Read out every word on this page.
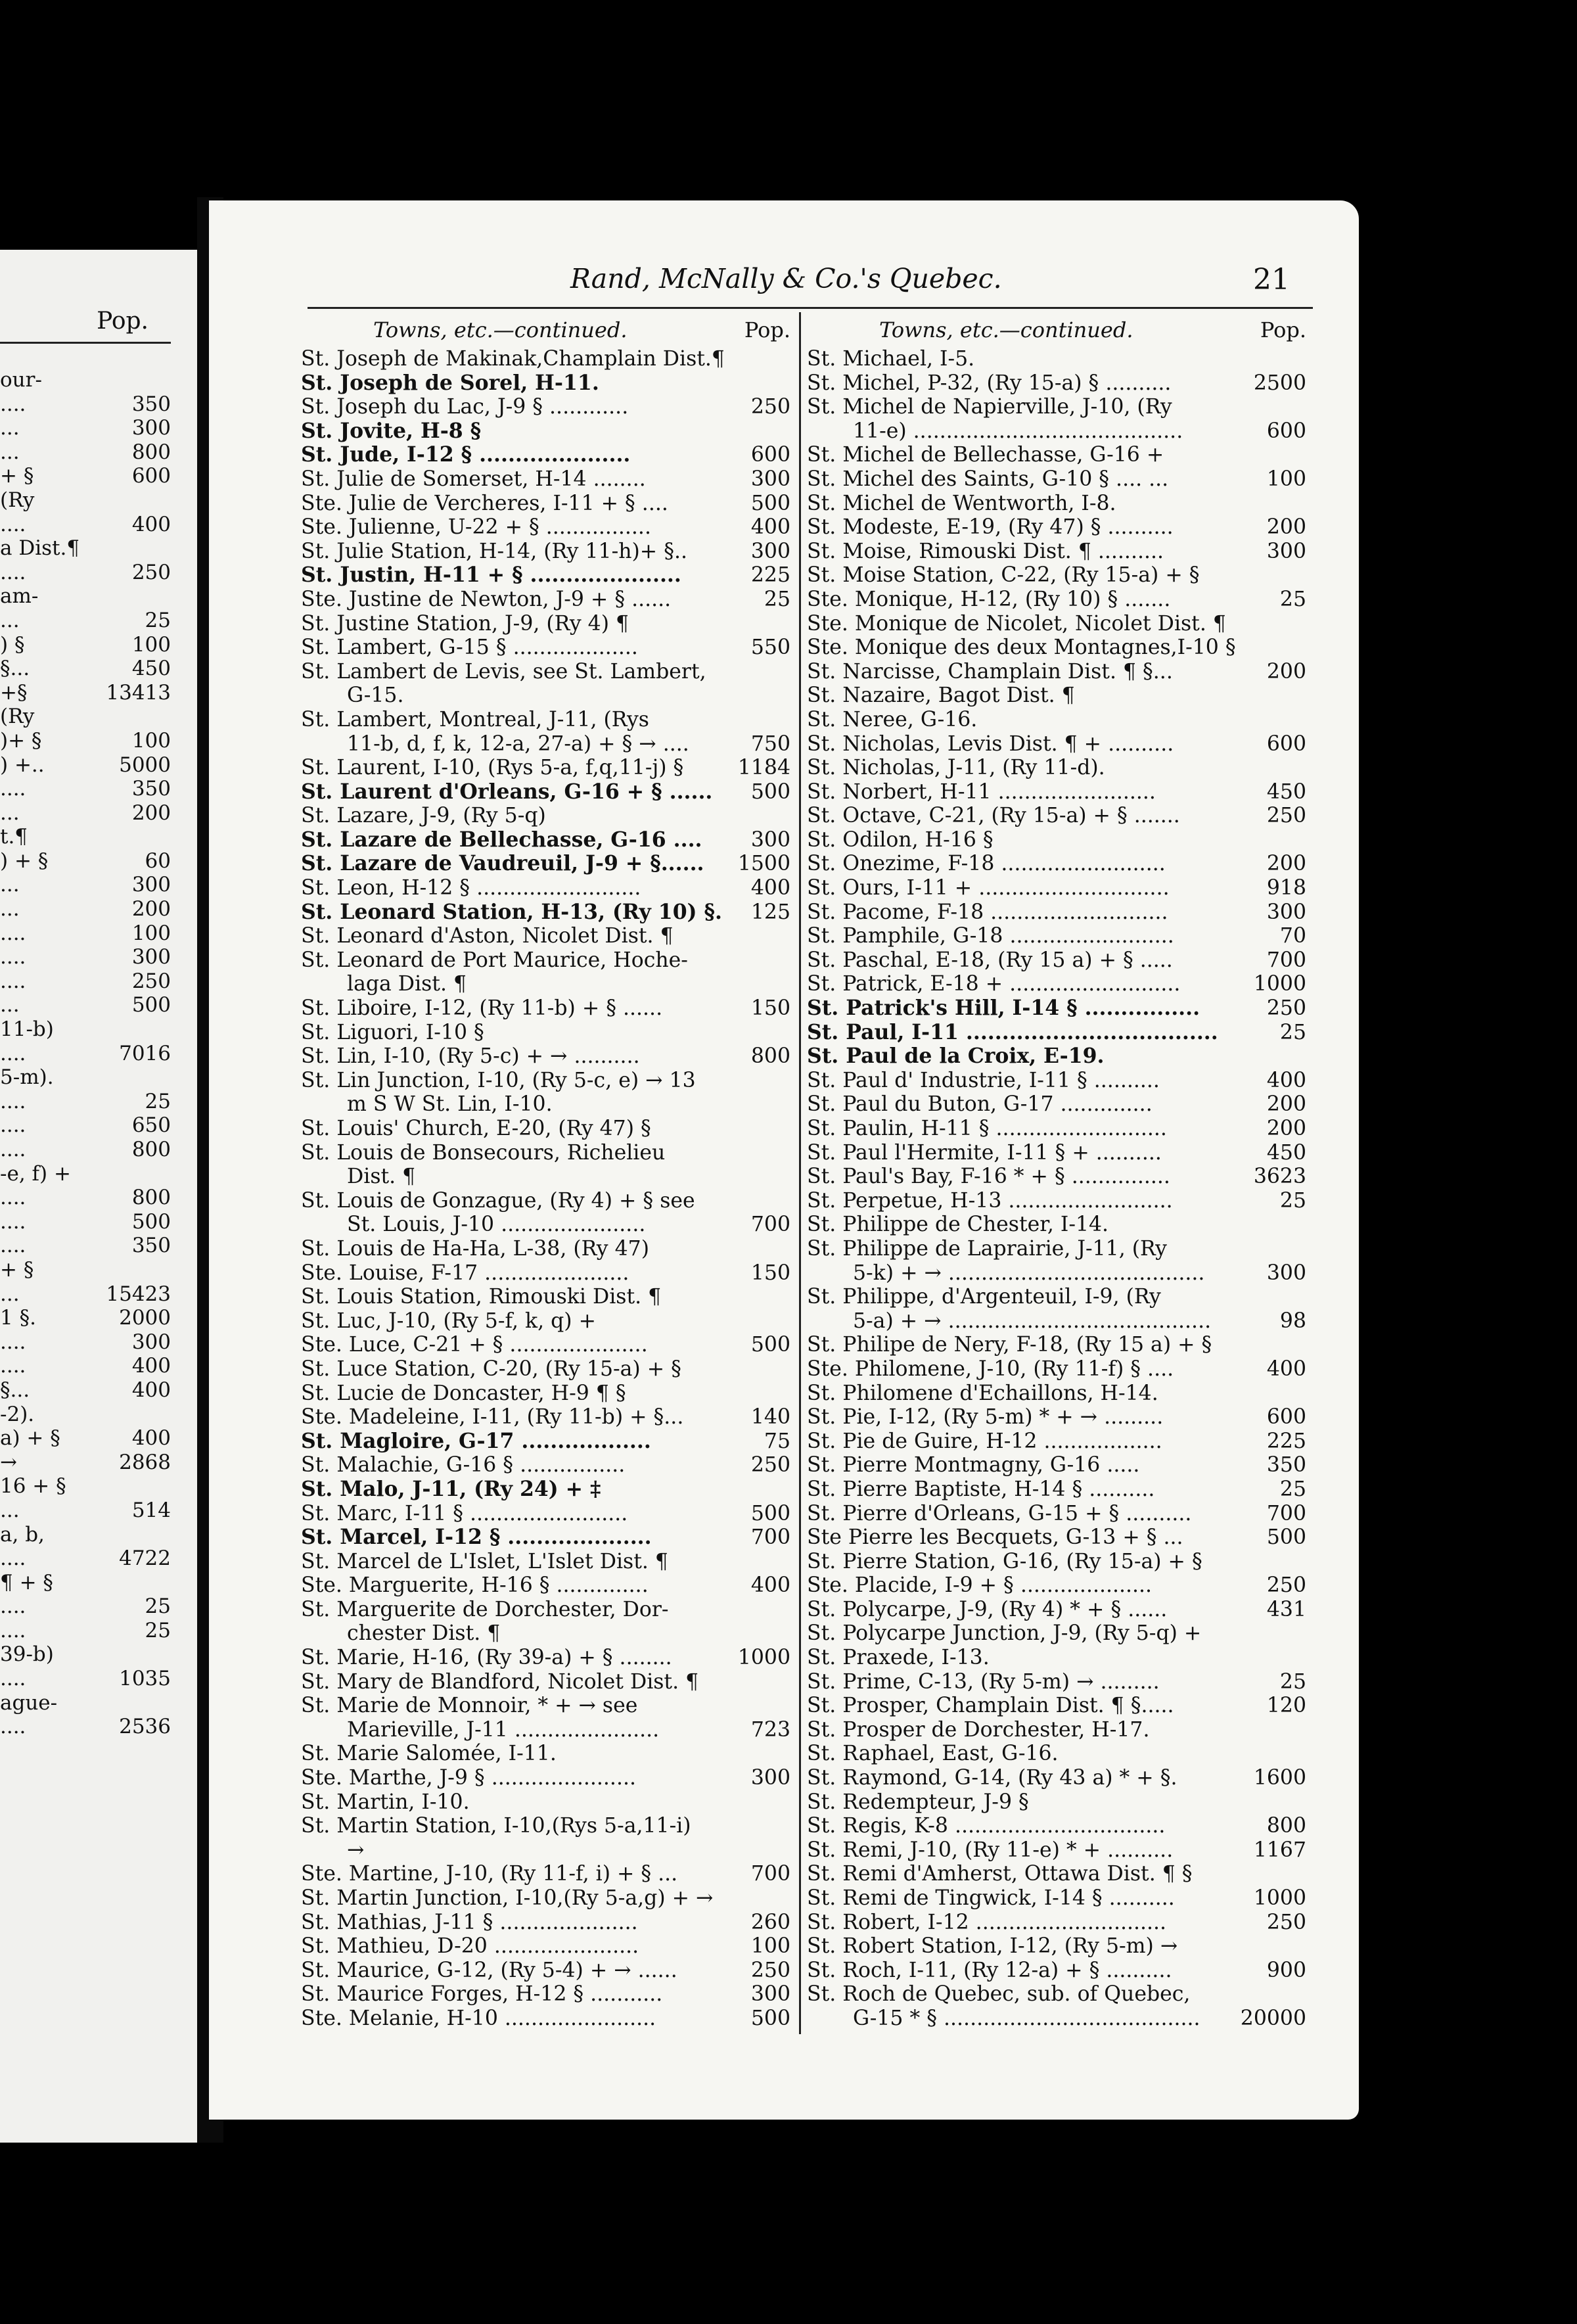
Pop.
our-
....	350
...	300
...	800
+ §	600
(Ry
....	400
a Dist.¶
....	250
am-
...	25
) §	100
§...	450
+§	13413
(Ry
)+ §	100
) +..	5000
....	350
...	200
t.¶
) + §	60
...	300
...	200
....	100
....	300
....	250
...	500
11-b)
....	7016
5-m).
....	25
....	650
....	800
-e, f) +
....	800
....	500
....	350
+ §
...	15423
1 §.	2000
....	300
....	400
§...	400
-2).
a) + §	400
→	2868
16 + §
...	514
a, b,
....	4722
¶ + §
....	25
....	25
39-b)
....	1035
ague-
....	2536
Rand, McNally & Co.'s Quebec.	21
Towns, etc.—continued.	Pop.
St. Joseph de Makinak,Champlain Dist.¶
St. Joseph de Sorel, H-11.
St. Joseph du Lac, J-9 § ............	250
St. Jovite, H-8 §
St. Jude, I-12 § .....................	600
St. Julie de Somerset, H-14 ........	300
Ste. Julie de Vercheres, I-11 + § ....	500
Ste. Julienne, U-22 + § ................	400
St. Julie Station, H-14, (Ry 11-h)+ §..	300
St. Justin, H-11 + § .....................	225
Ste. Justine de Newton, J-9 + § ......	25
St. Justine Station, J-9, (Ry 4) ¶
St. Lambert, G-15 § ...................	550
St. Lambert de Levis, see St. Lambert,
G-15.
St. Lambert, Montreal, J-11, (Rys
11-b, d, f, k, 12-a, 27-a) + § → ....	750
St. Laurent, I-10, (Rys 5-a, f,q,11-j) §	1184
St. Laurent d'Orleans, G-16 + § ......	500
St. Lazare, J-9, (Ry 5-q)
St. Lazare de Bellechasse, G-16 ....	300
St. Lazare de Vaudreuil, J-9 + §......	1500
St. Leon, H-12 § .........................	400
St. Leonard Station, H-13, (Ry 10) §.	125
St. Leonard d'Aston, Nicolet Dist. ¶
St. Leonard de Port Maurice, Hoche-
laga Dist. ¶
St. Liboire, I-12, (Ry 11-b) + § ......	150
St. Liguori, I-10 §
St. Lin, I-10, (Ry 5-c) + → ..........	800
St. Lin Junction, I-10, (Ry 5-c, e) → 13
m S W St. Lin, I-10.
St. Louis' Church, E-20, (Ry 47) §
St. Louis de Bonsecours, Richelieu
Dist. ¶
St. Louis de Gonzague, (Ry 4) + § see
St. Louis, J-10 ......................	700
St. Louis de Ha-Ha, L-38, (Ry 47)
Ste. Louise, F-17 ......................	150
St. Louis Station, Rimouski Dist. ¶
St. Luc, J-10, (Ry 5-f, k, q) +
Ste. Luce, C-21 + § .....................	500
St. Luce Station, C-20, (Ry 15-a) + §
St. Lucie de Doncaster, H-9 ¶ §
Ste. Madeleine, I-11, (Ry 11-b) + §...	140
St. Magloire, G-17 ..................	75
St. Malachie, G-16 § ................	250
St. Malo, J-11, (Ry 24) + ‡
St. Marc, I-11 § ........................	500
St. Marcel, I-12 § ....................	700
St. Marcel de L'Islet, L'Islet Dist. ¶
Ste. Marguerite, H-16 § ..............	400
St. Marguerite de Dorchester, Dor-
chester Dist. ¶
St. Marie, H-16, (Ry 39-a) + § ........	1000
St. Mary de Blandford, Nicolet Dist. ¶
St. Marie de Monnoir, * + → see
Marieville, J-11 ......................	723
St. Marie Salomée, I-11.
Ste. Marthe, J-9 § ......................	300
St. Martin, I-10.
St. Martin Station, I-10,(Rys 5-a,11-i)
→
Ste. Martine, J-10, (Ry 11-f, i) + § ...	700
St. Martin Junction, I-10,(Ry 5-a,g) + →
St. Mathias, J-11 § .....................	260
St. Mathieu, D-20 ......................	100
St. Maurice, G-12, (Ry 5-4) + → ......	250
St. Maurice Forges, H-12 § ...........	300
Ste. Melanie, H-10 .......................	500
Towns, etc.—continued.	Pop.
St. Michael, I-5.
St. Michel, P-32, (Ry 15-a) § ..........	2500
St. Michel de Napierville, J-10, (Ry
11-e) .........................................	600
St. Michel de Bellechasse, G-16 +
St. Michel des Saints, G-10 § .... ...	100
St. Michel de Wentworth, I-8.
St. Modeste, E-19, (Ry 47) § ..........	200
St. Moise, Rimouski Dist. ¶ ..........	300
St. Moise Station, C-22, (Ry 15-a) + §
Ste. Monique, H-12, (Ry 10) § .......	25
Ste. Monique de Nicolet, Nicolet Dist. ¶
Ste. Monique des deux Montagnes,I-10 §
St. Narcisse, Champlain Dist. ¶ §...	200
St. Nazaire, Bagot Dist. ¶
St. Neree, G-16.
St. Nicholas, Levis Dist. ¶ + ..........	600
St. Nicholas, J-11, (Ry 11-d).
St. Norbert, H-11 ........................	450
St. Octave, C-21, (Ry 15-a) + § .......	250
St. Odilon, H-16 §
St. Onezime, F-18 .........................	200
St. Ours, I-11 + .............................	918
St. Pacome, F-18 ...........................	300
St. Pamphile, G-18 .........................	70
St. Paschal, E-18, (Ry 15 a) + § .....	700
St. Patrick, E-18 + ..........................	1000
St. Patrick's Hill, I-14 § ................	250
St. Paul, I-11 ...................................	25
St. Paul de la Croix, E-19.
St. Paul d' Industrie, I-11 § ..........	400
St. Paul du Buton, G-17 ..............	200
St. Paulin, H-11 § ..........................	200
St. Paul l'Hermite, I-11 § + ..........	450
St. Paul's Bay, F-16 * + § ...............	3623
St. Perpetue, H-13 .........................	25
St. Philippe de Chester, I-14.
St. Philippe de Laprairie, J-11, (Ry
5-k) + → .......................................	300
St. Philippe, d'Argenteuil, I-9, (Ry
5-a) + → ........................................	98
St. Philipe de Nery, F-18, (Ry 15 a) + §
Ste. Philomene, J-10, (Ry 11-f) § ....	400
St. Philomene d'Echaillons, H-14.
St. Pie, I-12, (Ry 5-m) * + → .........	600
St. Pie de Guire, H-12 ..................	225
St. Pierre Montmagny, G-16 .....	350
St. Pierre Baptiste, H-14 § ..........	25
St. Pierre d'Orleans, G-15 + § ..........	700
Ste Pierre les Becquets, G-13 + § ...	500
St. Pierre Station, G-16, (Ry 15-a) + §
Ste. Placide, I-9 + § ....................	250
St. Polycarpe, J-9, (Ry 4) * + § ......	431
St. Polycarpe Junction, J-9, (Ry 5-q) +
St. Praxede, I-13.
St. Prime, C-13, (Ry 5-m) → .........	25
St. Prosper, Champlain Dist. ¶ §.....	120
St. Prosper de Dorchester, H-17.
St. Raphael, East, G-16.
St. Raymond, G-14, (Ry 43 a) * + §.	1600
St. Redempteur, J-9 §
St. Regis, K-8 ................................	800
St. Remi, J-10, (Ry 11-e) * + ..........	1167
St. Remi d'Amherst, Ottawa Dist. ¶ §
St. Remi de Tingwick, I-14 § ..........	1000
St. Robert, I-12 .............................	250
St. Robert Station, I-12, (Ry 5-m) →
St. Roch, I-11, (Ry 12-a) + § ..........	900
St. Roch de Quebec, sub. of Quebec,
G-15 * § .......................................	20000
